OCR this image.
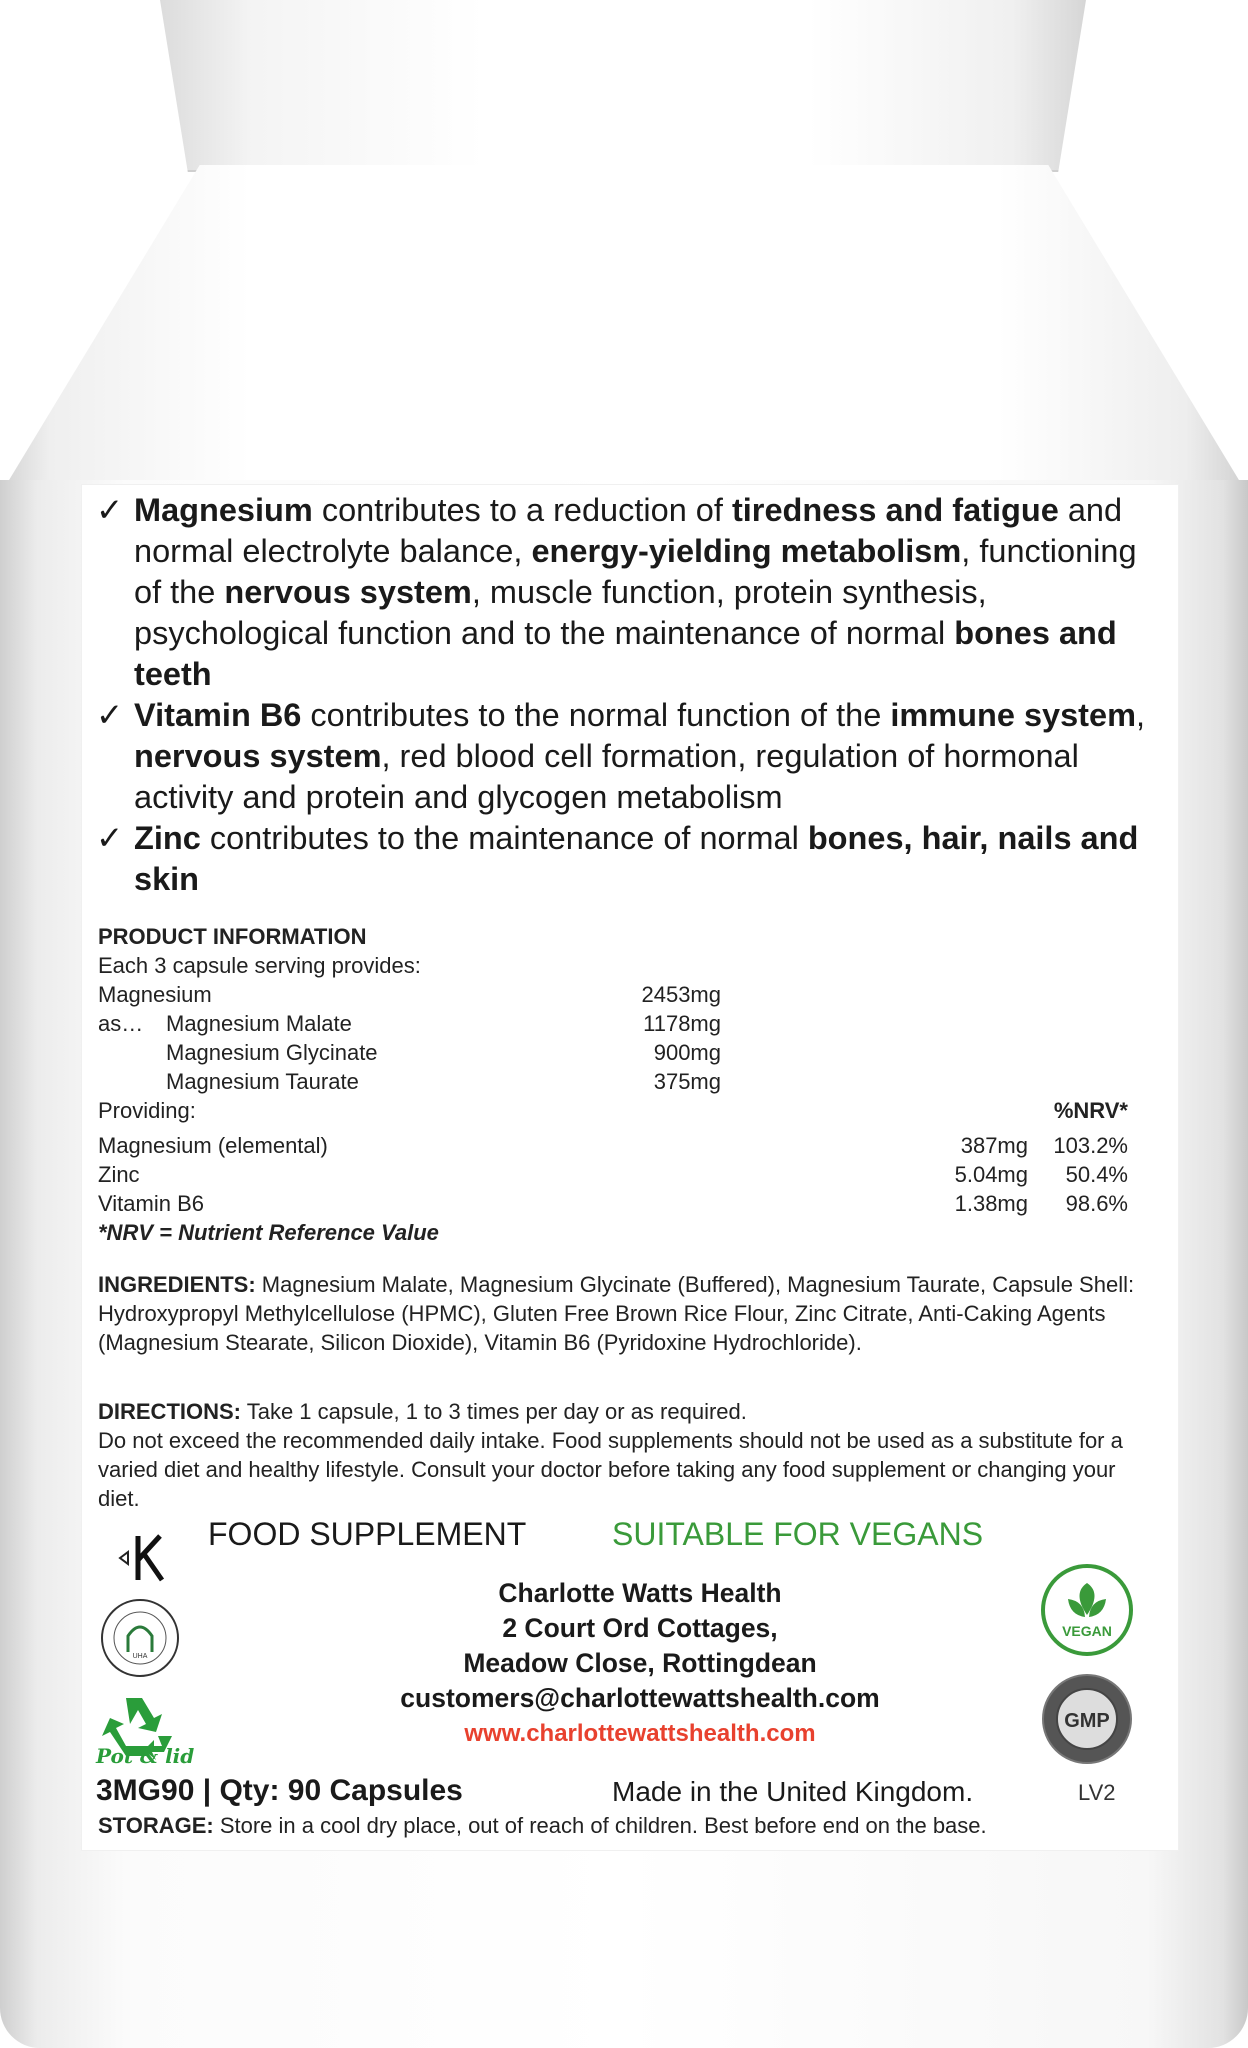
✓ Magnesium contributes to a reduction of tiredness and fatigue and normal electrolyte balance, energy-yielding metabolism, functioning of the nervous system, muscle function, protein synthesis, psychological function and to the maintenance of normal bones and teeth
✓ Vitamin B6 contributes to the normal function of the immune system, nervous system, red blood cell formation, regulation of hormonal activity and protein and glycogen metabolism
✓ Zinc contributes to the maintenance of normal bones, hair, nails and skin
PRODUCT INFORMATION
Each 3 capsule serving provides:
Magnesium	2453mg
as… Magnesium Malate	1178mg
Magnesium Glycinate	900mg
Magnesium Taurate	375mg
Providing:	%NRV*
Magnesium (elemental)	387mg 103.2%
Zinc	5.04mg 50.4%
Vitamin B6	1.38mg 98.6%
*NRV = Nutrient Reference Value
INGREDIENTS: Magnesium Malate, Magnesium Glycinate (Buffered), Magnesium Taurate, Capsule Shell: Hydroxypropyl Methylcellulose (HPMC), Gluten Free Brown Rice Flour, Zinc Citrate, Anti-Caking Agents (Magnesium Stearate, Silicon Dioxide), Vitamin B6 (Pyridoxine Hydrochloride).
DIRECTIONS: Take 1 capsule, 1 to 3 times per day or as required.
Do not exceed the recommended daily intake. Food supplements should not be used as a substitute for a varied diet and healthy lifestyle. Consult your doctor before taking any food supplement or changing your diet.
FOOD SUPPLEMENT	SUITABLE FOR VEGANS
Charlotte Watts Health
2 Court Ord Cottages,
Meadow Close, Rottingdean
customers@charlottewattshealth.com
www.charlottewattshealth.com
UHA
Pot & lid
VEGAN
GMP
3MG90 | Qty: 90 Capsules	Made in the United Kingdom.	LV2
STORAGE: Store in a cool dry place, out of reach of children. Best before end on the base.
